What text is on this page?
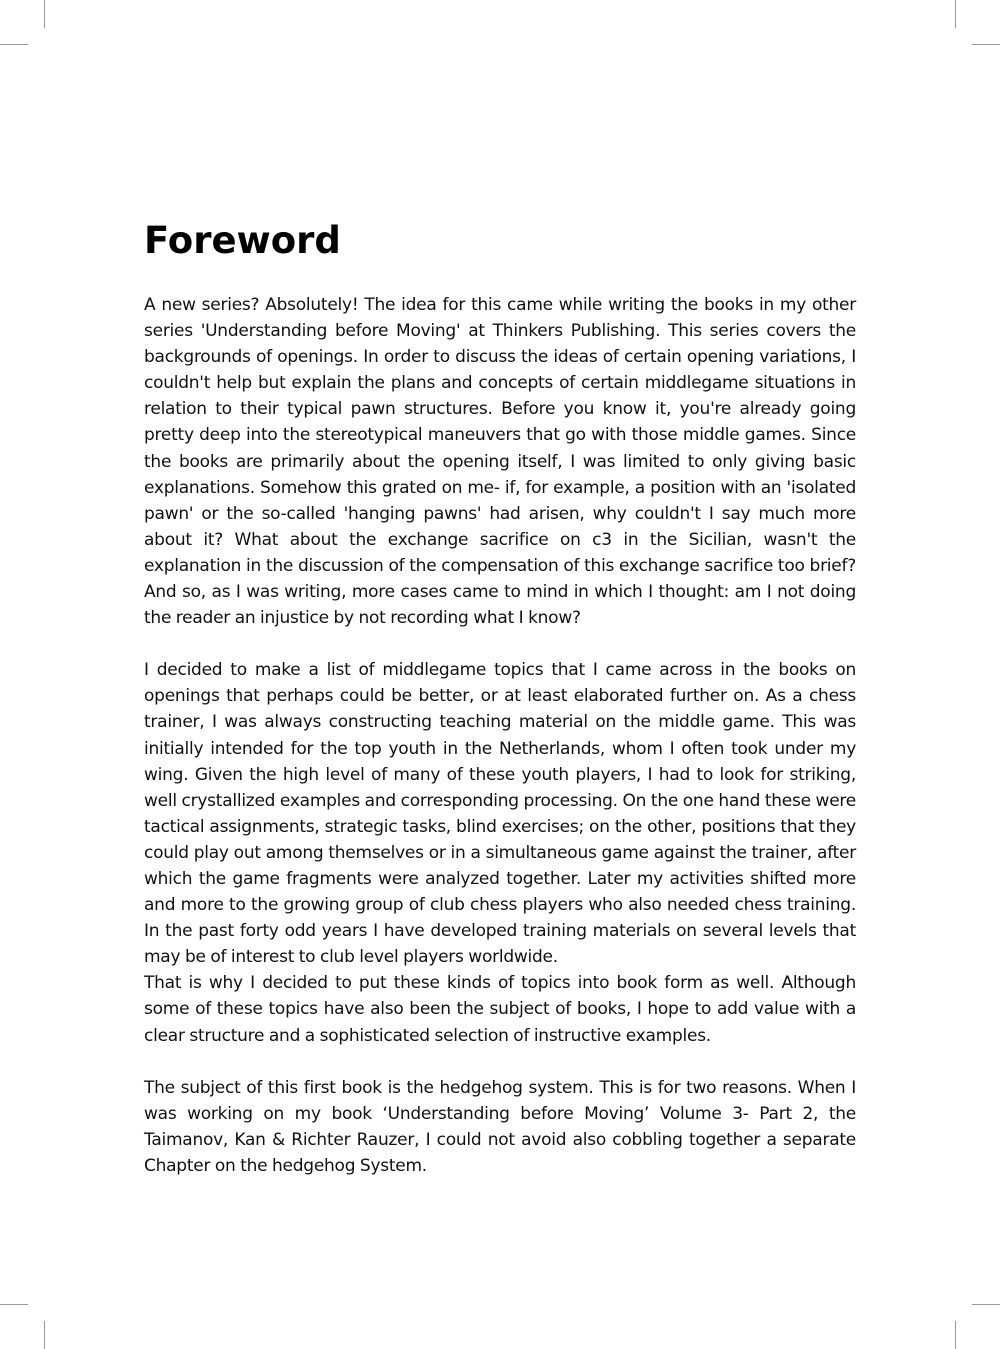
Foreword

A new series? Absolutely! The idea for this came while writing the books in my other series 'Understanding before Moving' at Thinkers Publishing. This series covers the backgrounds of openings. In order to discuss the ideas of certain opening variations, I couldn't help but explain the plans and concepts of certain middlegame situations in relation to their typical pawn structures. Before you know it, you're already going pretty deep into the stereotypical maneuvers that go with those middle games. Since the books are primarily about the opening itself, I was limited to only giving basic explanations. Somehow this grated on me- if, for example, a position with an 'isolated pawn' or the so-called 'hanging pawns' had arisen, why couldn't I say much more about it? What about the exchange sacrifice on c3 in the Sicilian, wasn't the explanation in the discussion of the compensation of this exchange sacrifice too brief? And so, as I was writing, more cases came to mind in which I thought: am I not doing the reader an injustice by not recording what I know?

I decided to make a list of middlegame topics that I came across in the books on openings that perhaps could be better, or at least elaborated further on. As a chess trainer, I was always constructing teaching material on the middle game. This was initially intended for the top youth in the Netherlands, whom I often took under my wing. Given the high level of many of these youth players, I had to look for striking, well crystallized examples and corresponding processing. On the one hand these were tactical assignments, strategic tasks, blind exercises; on the other, positions that they could play out among themselves or in a simultaneous game against the trainer, after which the game fragments were analyzed together. Later my activities shifted more and more to the growing group of club chess players who also needed chess training. In the past forty odd years I have developed training materials on several levels that may be of interest to club level players worldwide.

That is why I decided to put these kinds of topics into book form as well. Although some of these topics have also been the subject of books, I hope to add value with a clear structure and a sophisticated selection of instructive examples.

The subject of this first book is the hedgehog system. This is for two reasons. When I was working on my book ‘Understanding before Moving’ Volume 3- Part 2, the Taimanov, Kan & Richter Rauzer, I could not avoid also cobbling together a separate Chapter on the hedgehog System.
